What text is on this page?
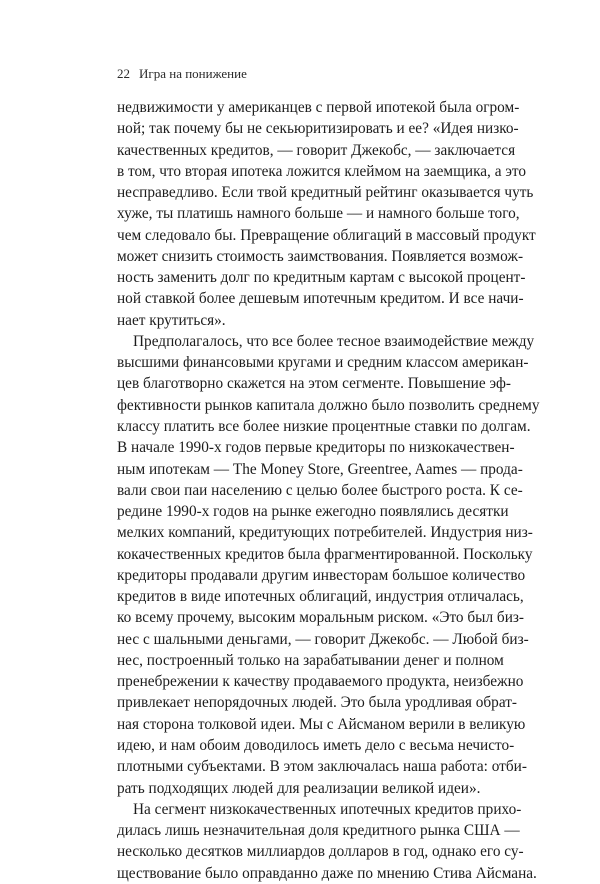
22 Игра на понижение
недвижимости у американцев с первой ипотекой была огром-
ной; так почему бы не секьюритизировать и ее? «Идея низко-
качественных кредитов, — говорит Джекобс, — заключается
в том, что вторая ипотека ложится клеймом на заемщика, а это
несправедливо. Если твой кредитный рейтинг оказывается чуть
хуже, ты платишь намного больше — и намного больше того,
чем следовало бы. Превращение облигаций в массовый продукт
может снизить стоимость заимствования. Появляется возмож-
ность заменить долг по кредитным картам с высокой процент-
ной ставкой более дешевым ипотечным кредитом. И все начи-
нает крутиться».
Предполагалось, что все более тесное взаимодействие между
высшими финансовыми кругами и средним классом американ-
цев благотворно скажется на этом сегменте. Повышение эф-
фективности рынков капитала должно было позволить среднему
классу платить все более низкие процентные ставки по долгам.
В начале 1990-х годов первые кредиторы по низкокачествен-
ным ипотекам — The Money Store, Greentree, Aames — прода-
вали свои паи населению с целью более быстрого роста. К се-
редине 1990-х годов на рынке ежегодно появлялись десятки
мелких компаний, кредитующих потребителей. Индустрия низ-
кокачественных кредитов была фрагментированной. Поскольку
кредиторы продавали другим инвесторам большое количество
кредитов в виде ипотечных облигаций, индустрия отличалась,
ко всему прочему, высоким моральным риском. «Это был биз-
нес с шальными деньгами, — говорит Джекобс. — Любой биз-
нес, построенный только на зарабатывании денег и полном
пренебрежении к качеству продаваемого продукта, неизбежно
привлекает непорядочных людей. Это была уродливая обрат-
ная сторона толковой идеи. Мы с Айсманом верили в великую
идею, и нам обоим доводилось иметь дело с весьма нечисто-
плотными субъектами. В этом заключалась наша работа: отби-
рать подходящих людей для реализации великой идеи».
На сегмент низкокачественных ипотечных кредитов прихо-
дилась лишь незначительная доля кредитного рынка США —
несколько десятков миллиардов долларов в год, однако его су-
ществование было оправданно даже по мнению Стива Айсмана.
